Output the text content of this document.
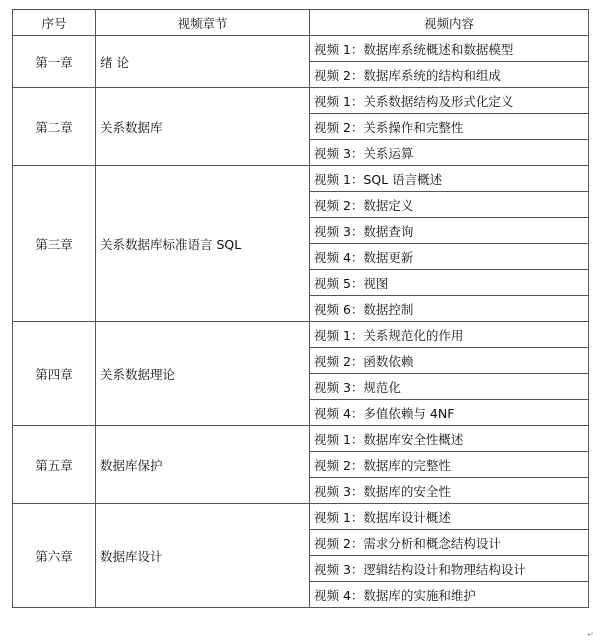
序号	视频章节	视频内容
第一章	绪 论	视频 1：数据库系统概述和数据模型
		视频 2：数据库系统的结构和组成
第二章	关系数据库	视频 1：关系数据结构及形式化定义
		视频 2：关系操作和完整性
		视频 3：关系运算
第三章	关系数据库标准语言 SQL	视频 1：SQL 语言概述
		视频 2：数据定义
		视频 3：数据查询
		视频 4：数据更新
		视频 5：视图
		视频 6：数据控制
第四章	关系数据理论	视频 1：关系规范化的作用
		视频 2：函数依赖
		视频 3：规范化
		视频 4：多值依赖与 4NF
第五章	数据库保护	视频 1：数据库安全性概述
		视频 2：数据库的完整性
		视频 3：数据库的安全性
第六章	数据库设计	视频 1：数据库设计概述
		视频 2：需求分析和概念结构设计
		视频 3：逻辑结构设计和物理结构设计
		视频 4：数据库的实施和维护
↵
